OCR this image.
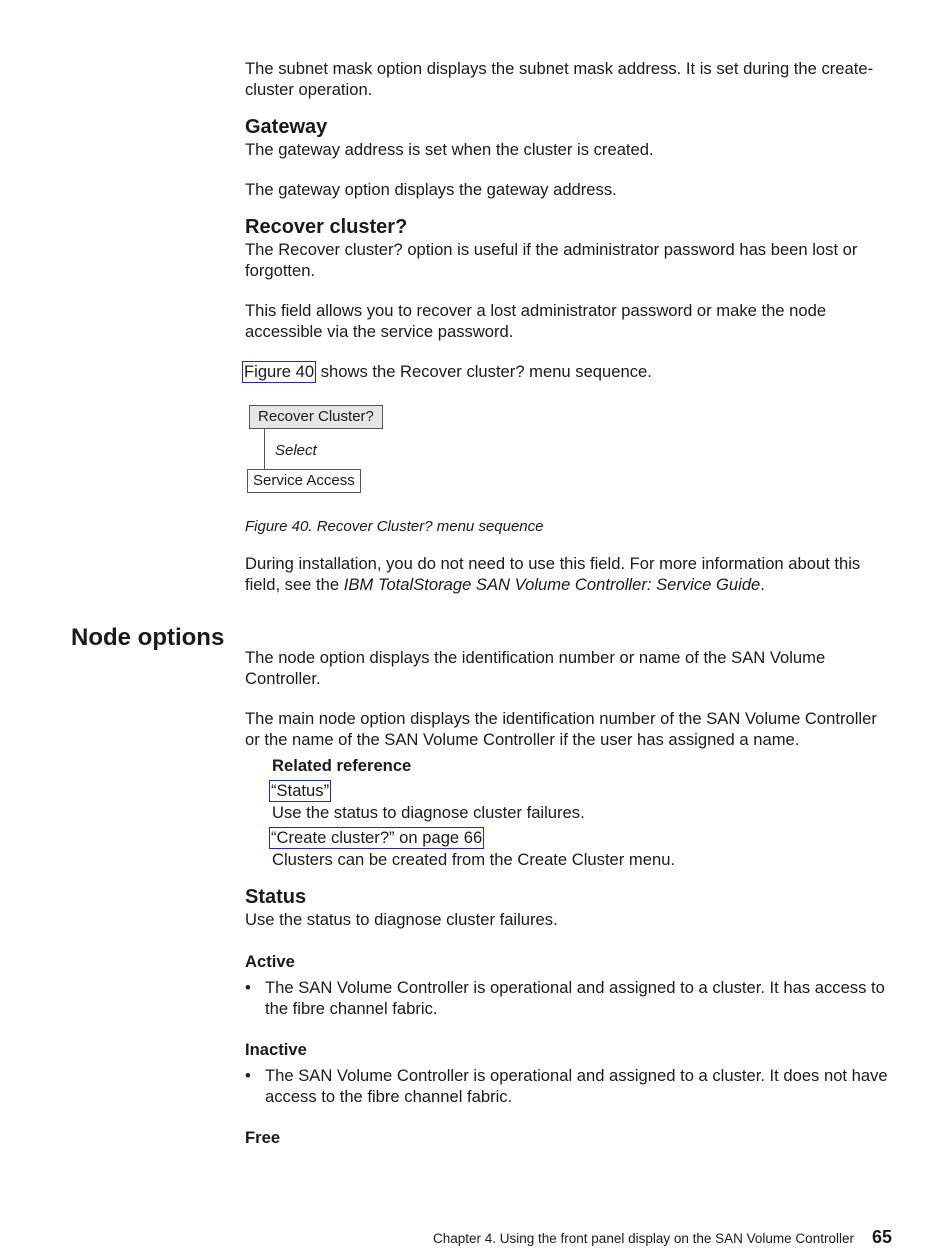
The subnet mask option displays the subnet mask address. It is set during the create-cluster operation.

Gateway

The gateway address is set when the cluster is created.

The gateway option displays the gateway address.

Recover cluster?

The Recover cluster? option is useful if the administrator password has been lost or forgotten.

This field allows you to recover a lost administrator password or make the node accessible via the service password.

Figure 40 shows the Recover cluster? menu sequence.

Recover Cluster?
Select
Service Access

Figure 40. Recover Cluster? menu sequence

During installation, you do not need to use this field. For more information about this field, see the IBM TotalStorage SAN Volume Controller: Service Guide.

The node option displays the identification number or name of the SAN Volume Controller.

The main node option displays the identification number of the SAN Volume Controller or the name of the SAN Volume Controller if the user has assigned a name.

Related reference

“Status”

Use the status to diagnose cluster failures.

“Create cluster?” on page 66

Clusters can be created from the Create Cluster menu.

Status

Use the status to diagnose cluster failures.

Active

• The SAN Volume Controller is operational and assigned to a cluster. It has access to the fibre channel fabric.

Inactive

• The SAN Volume Controller is operational and assigned to a cluster. It does not have access to the fibre channel fabric.

Free
Node options
Chapter 4. Using the front panel display on the SAN Volume Controller 65
